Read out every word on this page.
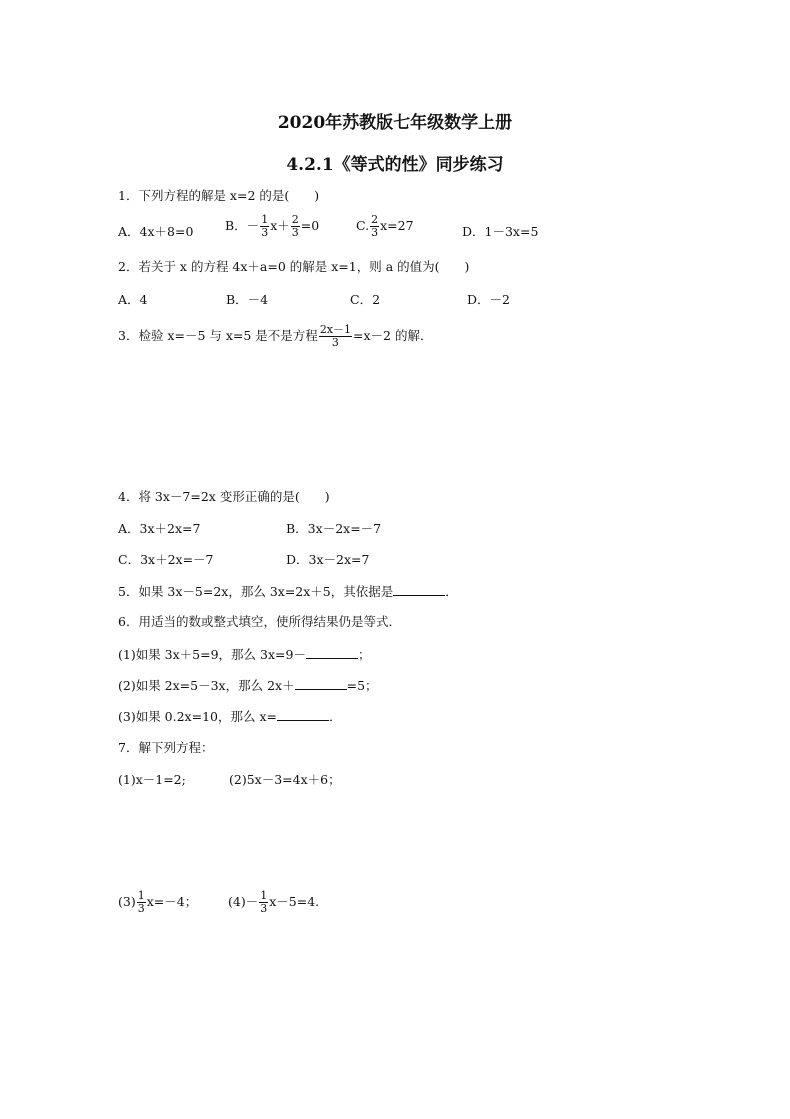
2020年苏教版七年级数学上册
4.2.1《等式的性》同步练习
1．下列方程的解是 x=2 的是(　　)
A．4x＋8=0	B．－ $\frac{1}{3} x+ \frac{2}{3} =0$	C. $\frac{2}{3} x=27$	D．1－3x=5
2．若关于 x 的方程 4x＋a=0 的解是 x=1，则 a 的值为(　　)
A．4	B．－4	C．2	D．－2
3．检验 x=－5 与 x=5 是不是方程 $\frac{2x-1}{3} =x-2$ 的解．
4．将 3x－7=2x 变形正确的是(　　)
A．3x＋2x=7	B．3x－2x=－7
C．3x＋2x=－7	D．3x－2x=7
5．如果 3x－5=2x，那么 3x=2x＋5，其依据是	．
6．用适当的数或整式填空，使所得结果仍是等式．
(1)如果 3x＋5=9，那么 3x=9－	；
(2)如果 2x=5－3x，那么 2x＋	=5；
(3)如果 0.2x=10，那么 x=	．
7．解下列方程：
(1)x－1=2;	(2)5x－3=4x＋6；
$(3) \frac{1}{3} x=-4$； $(4)- \frac{1}{3} x-5=4$.
